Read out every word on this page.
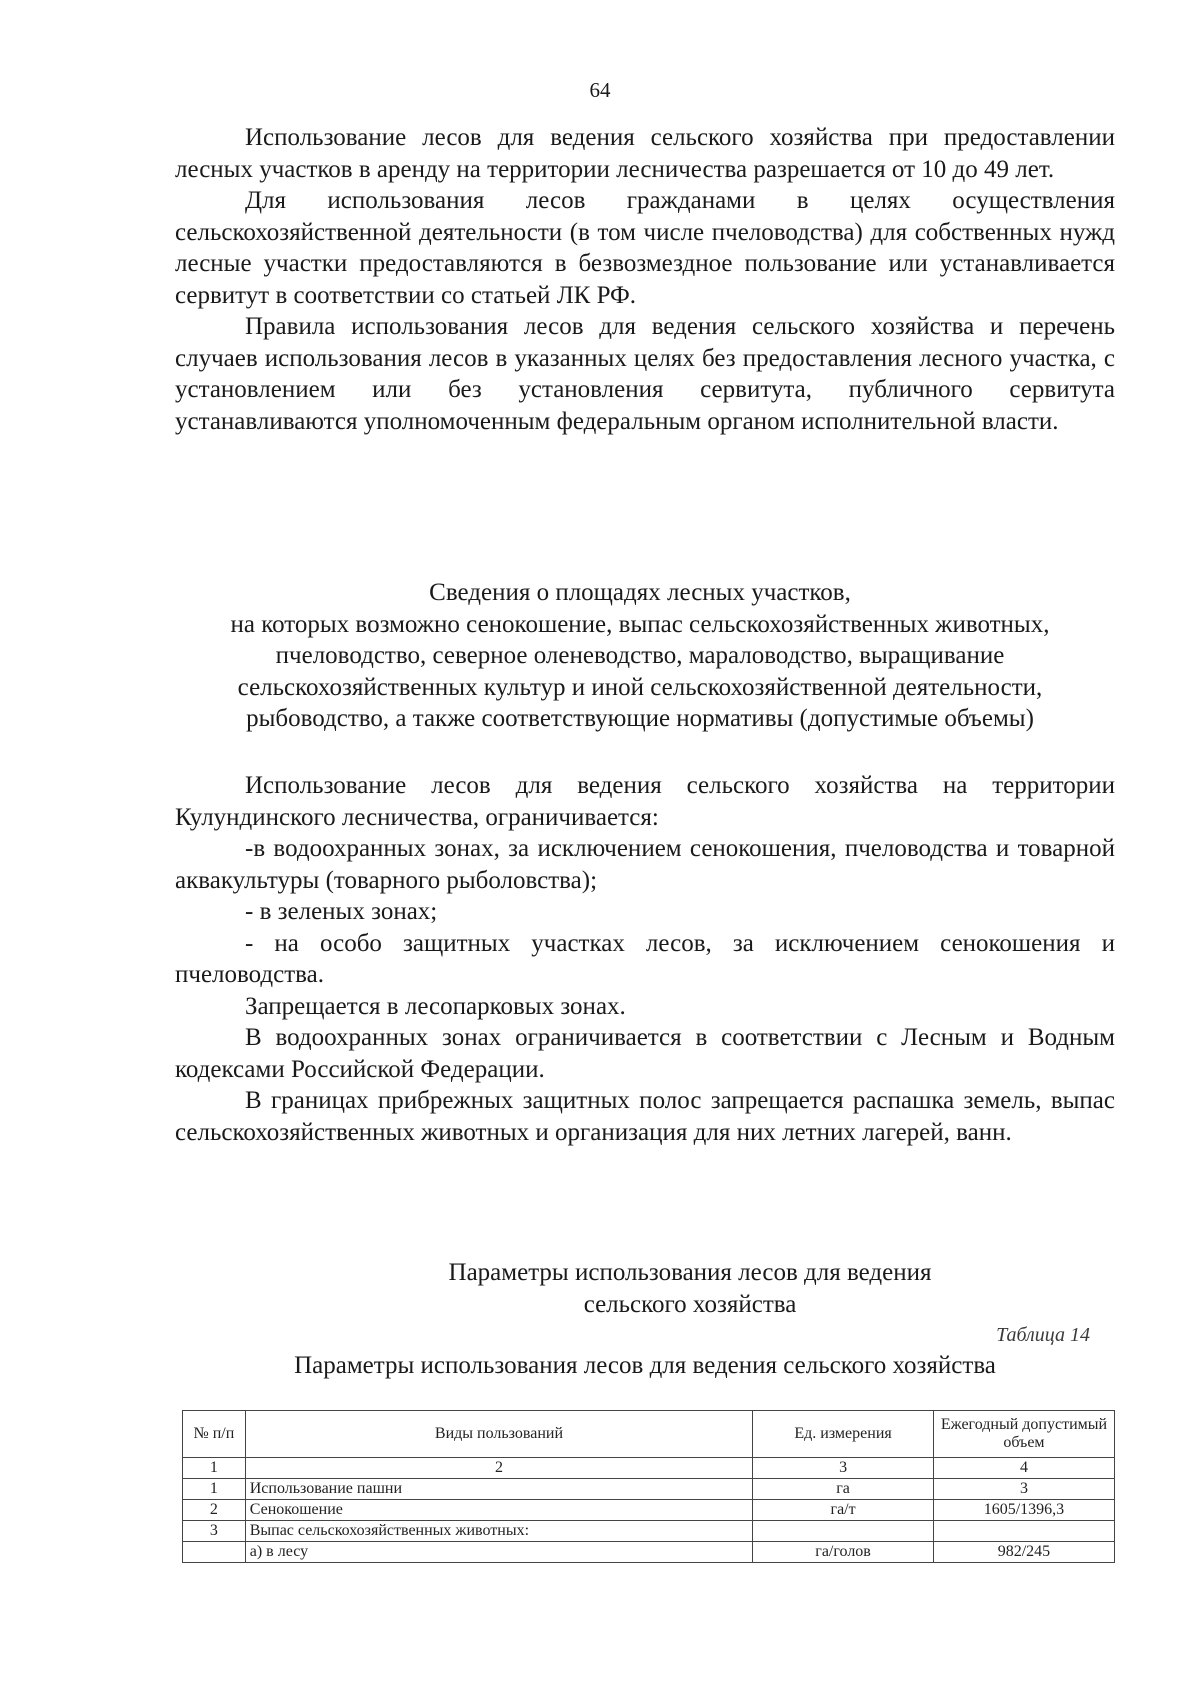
64

Использование лесов для ведения сельского хозяйства при предоставлении лесных участков в аренду на территории лесничества разрешается от 10 до 49 лет.

Для использования лесов гражданами в целях осуществления сельскохозяйственной деятельности (в том числе пчеловодства) для собственных нужд лесные участки предоставляются в безвозмездное пользование или устанавливается сервитут в соответствии со статьей ЛК РФ.

Правила использования лесов для ведения сельского хозяйства и перечень случаев использования лесов в указанных целях без предоставления лесного участка, с установлением или без установления сервитута, публичного сервитута устанавливаются уполномоченным федеральным органом исполнительной власти.

Сведения о площадях лесных участков,
на которых возможно сенокошение, выпас сельскохозяйственных животных,
пчеловодство, северное оленеводство, мараловодство, выращивание
сельскохозяйственных культур и иной сельскохозяйственной деятельности,
рыбоводство, а также соответствующие нормативы (допустимые объемы)

Использование лесов для ведения сельского хозяйства на территории Кулундинского лесничества, ограничивается:

-в водоохранных зонах, за исключением сенокошения, пчеловодства и товарной аквакультуры (товарного рыболовства);

- в зеленых зонах;

- на особо защитных участках лесов, за исключением сенокошения и пчеловодства.

Запрещается в лесопарковых зонах.

В водоохранных зонах ограничивается в соответствии с Лесным и Водным кодексами Российской Федерации.

В границах прибрежных защитных полос запрещается распашка земель, выпас сельскохозяйственных животных и организация для них летних лагерей, ванн.

Параметры использования лесов для ведения
сельского хозяйства
Таблица 14
Параметры использования лесов для ведения сельского хозяйства
№ п/п	Виды пользований	Ед. измерения	Ежегодный допустимый объем
1	2	3	4
1	Использование пашни	га	3
2	Сенокошение	га/т	1605/1396,3
3	Выпас сельскохозяйственных животных:		
	а) в лесу	га/голов	982/245
